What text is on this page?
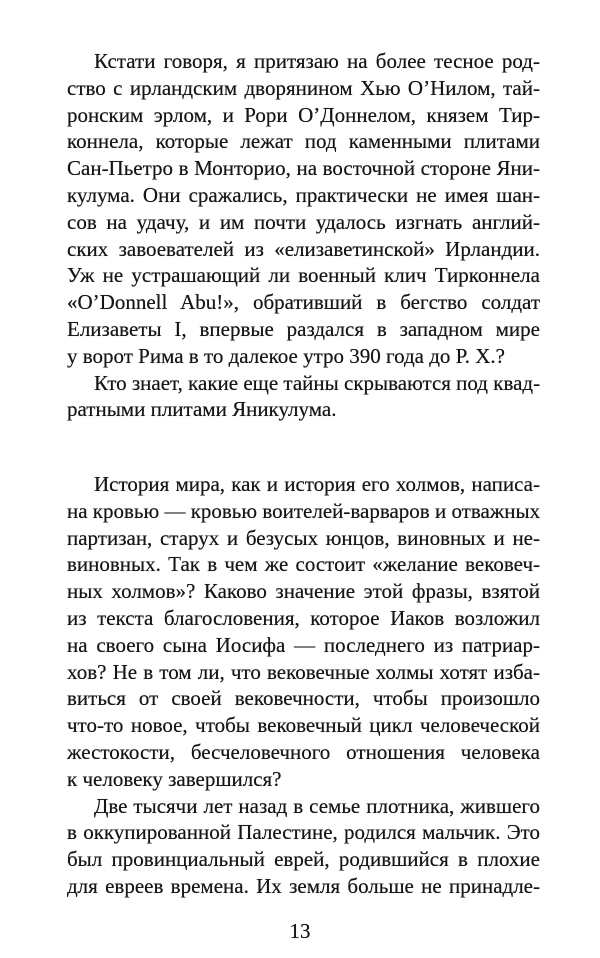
Кстати говоря, я притязаю на более тесное род-
ство с ирландским дворянином Хью О’Нилом, тай-
ронским эрлом, и Рори О’Доннелом, князем Тир-
коннела, которые лежат под каменными плитами
Сан-Пьетро в Монторио, на восточной стороне Яни-
кулума. Они сражались, практически не имея шан-
сов на удачу, и им почти удалось изгнать англий-
ских завоевателей из «елизаветинской» Ирландии.
Уж не устрашающий ли военный клич Тирконнела
«O’Donnell Abu!», обративший в бегство солдат
Елизаветы I, впервые раздался в западном мире
у ворот Рима в то далекое утро 390 года до Р. Х.?
Кто знает, какие еще тайны скрываются под квад-
ратными плитами Яникулума.
История мира, как и история его холмов, написа-
на кровью — кровью воителей-варваров и отважных
партизан, старух и безусых юнцов, виновных и не-
виновных. Так в чем же состоит «желание вековеч-
ных холмов»? Каково значение этой фразы, взятой
из текста благословения, которое Иаков возложил
на своего сына Иосифа — последнего из патриар-
хов? Не в том ли, что вековечные холмы хотят изба-
виться от своей вековечности, чтобы произошло
что-то новое, чтобы вековечный цикл человеческой
жестокости, бесчеловечного отношения человека
к человеку завершился?
Две тысячи лет назад в семье плотника, жившего
в оккупированной Палестине, родился мальчик. Это
был провинциальный еврей, родившийся в плохие
для евреев времена. Их земля больше не принадле-
13
